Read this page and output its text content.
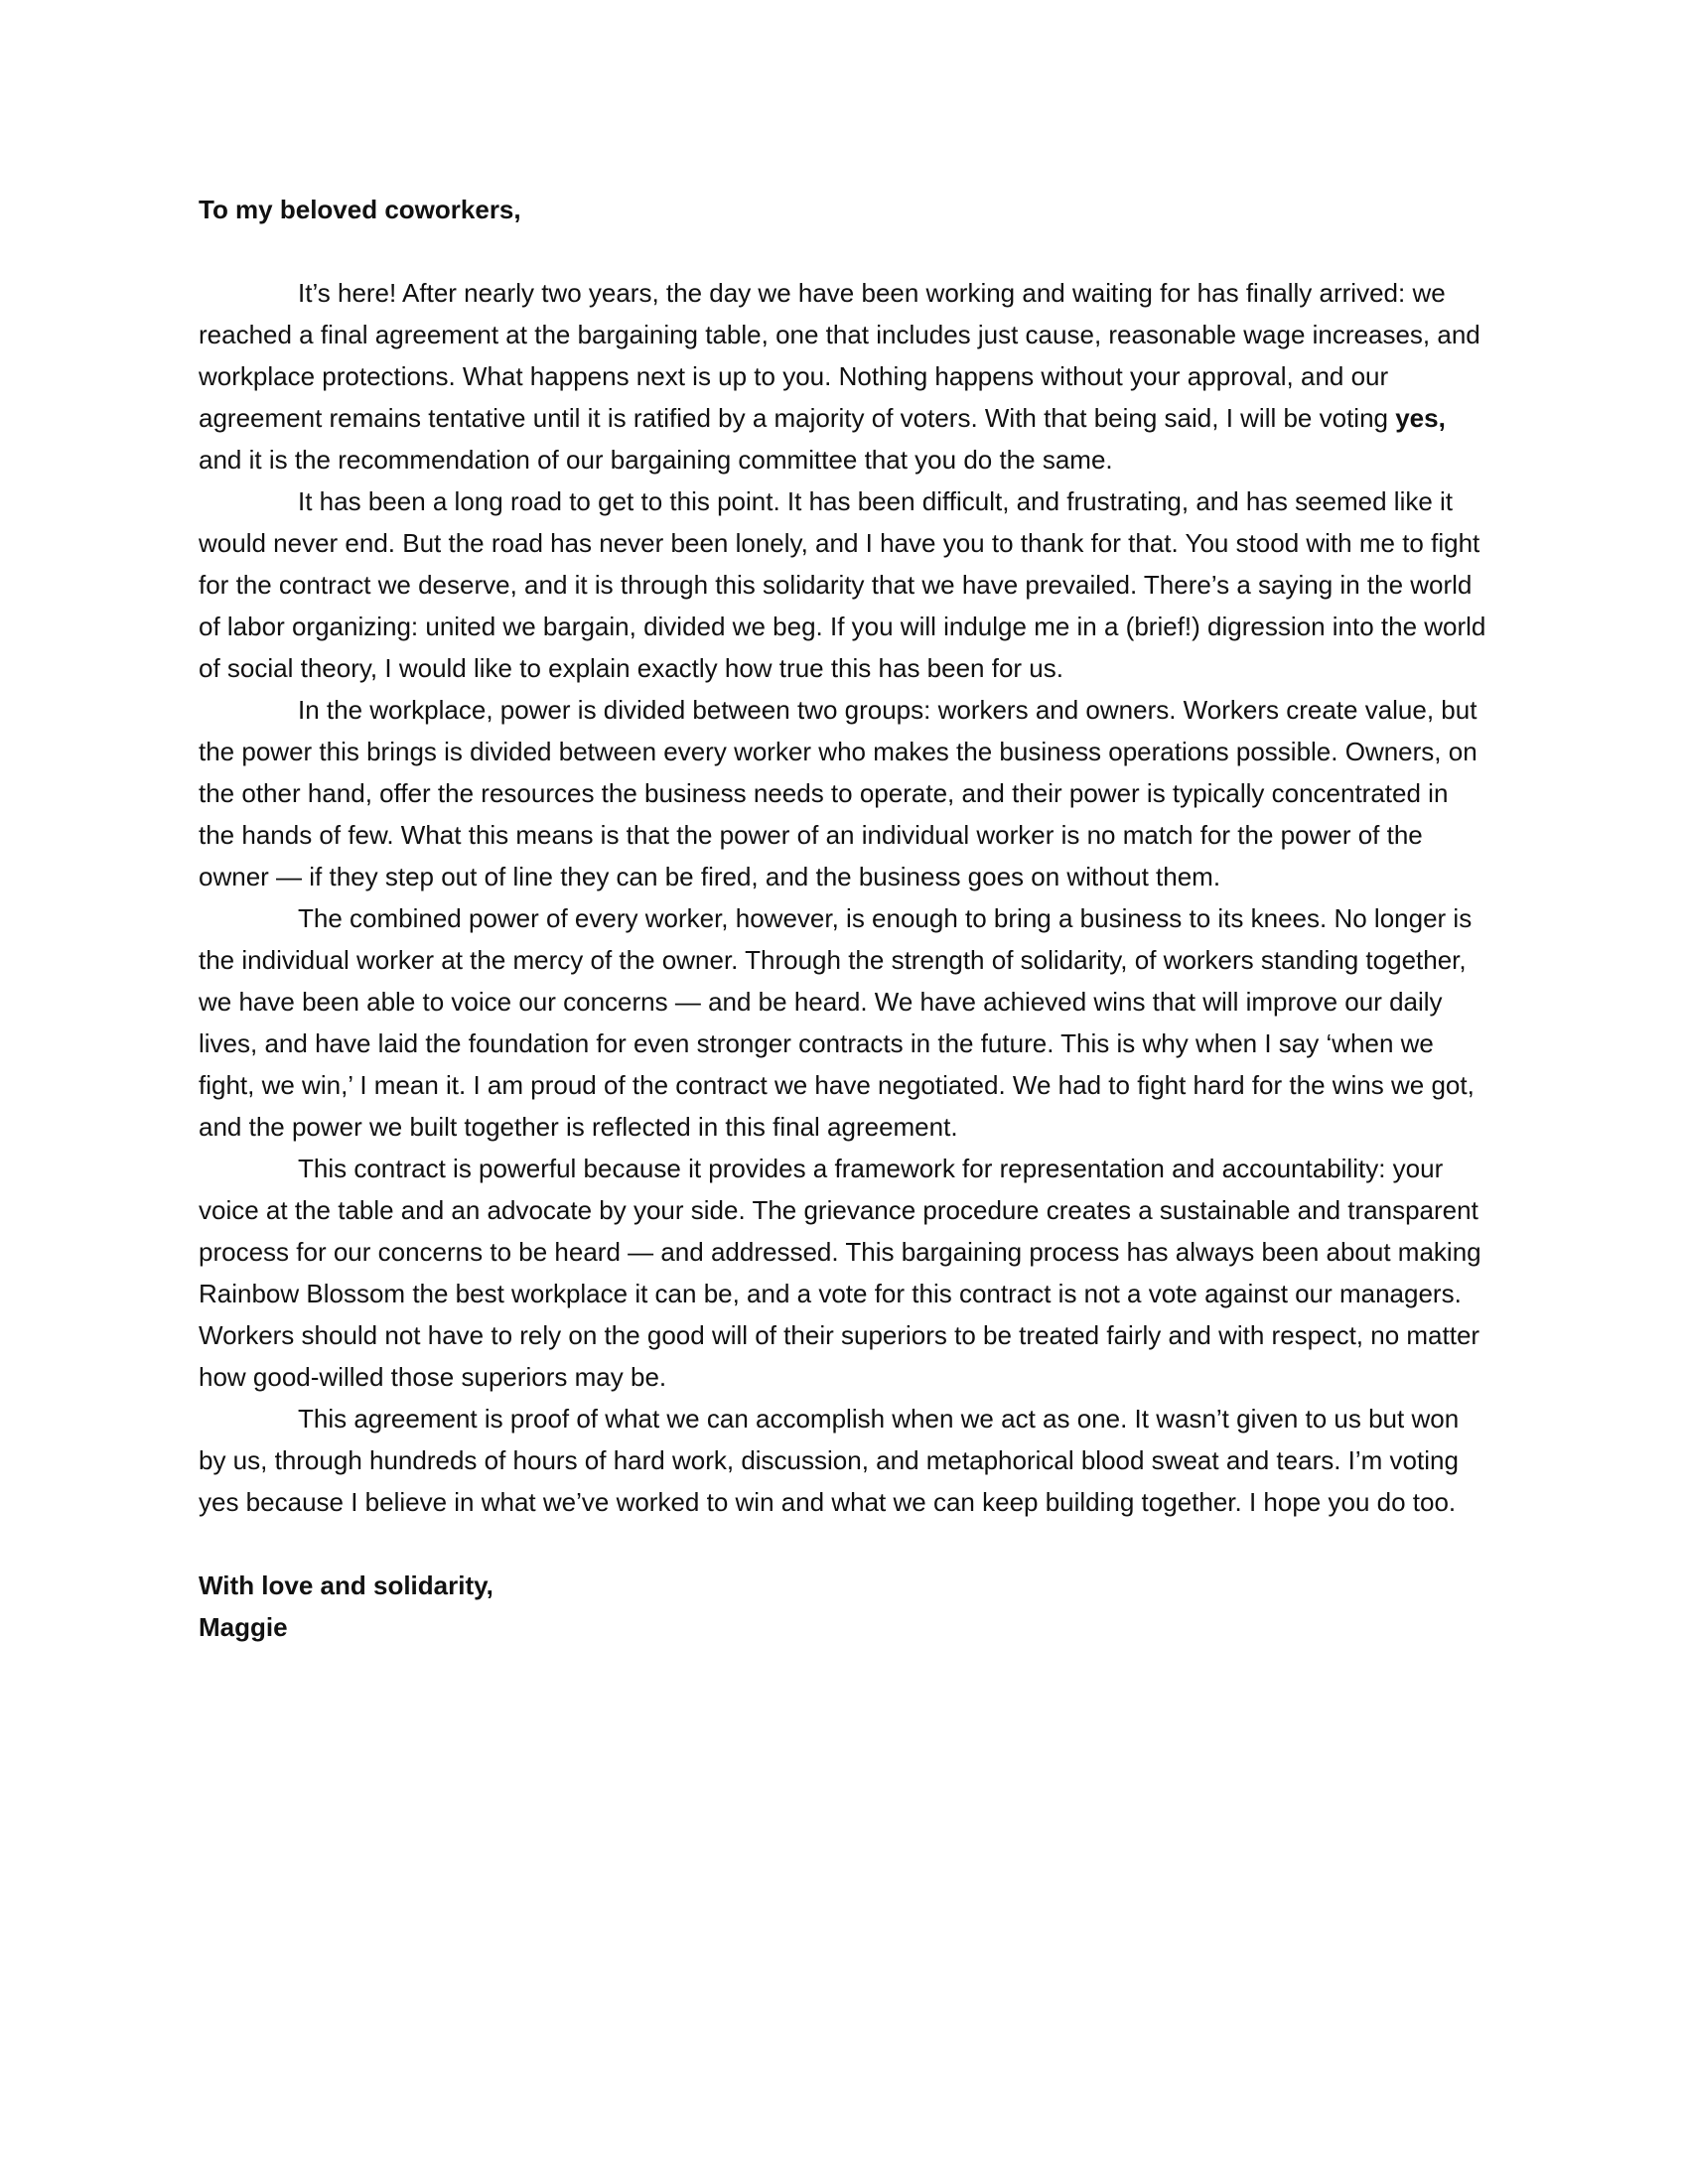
To my beloved coworkers,

It’s here! After nearly two years, the day we have been working and waiting for has finally arrived: we reached a final agreement at the bargaining table, one that includes just cause, reasonable wage increases, and workplace protections. What happens next is up to you. Nothing happens without your approval, and our agreement remains tentative until it is ratified by a majority of voters. With that being said, I will be voting yes, and it is the recommendation of our bargaining committee that you do the same.

It has been a long road to get to this point. It has been difficult, and frustrating, and has seemed like it would never end. But the road has never been lonely, and I have you to thank for that. You stood with me to fight for the contract we deserve, and it is through this solidarity that we have prevailed. There’s a saying in the world of labor organizing: united we bargain, divided we beg. If you will indulge me in a (brief!) digression into the world of social theory, I would like to explain exactly how true this has been for us.

In the workplace, power is divided between two groups: workers and owners. Workers create value, but the power this brings is divided between every worker who makes the business operations possible. Owners, on the other hand, offer the resources the business needs to operate, and their power is typically concentrated in the hands of few. What this means is that the power of an individual worker is no match for the power of the owner — if they step out of line they can be fired, and the business goes on without them.

The combined power of every worker, however, is enough to bring a business to its knees. No longer is the individual worker at the mercy of the owner. Through the strength of solidarity, of workers standing together, we have been able to voice our concerns — and be heard. We have achieved wins that will improve our daily lives, and have laid the foundation for even stronger contracts in the future. This is why when I say ‘when we fight, we win,’ I mean it. I am proud of the contract we have negotiated. We had to fight hard for the wins we got, and the power we built together is reflected in this final agreement.

This contract is powerful because it provides a framework for representation and accountability: your voice at the table and an advocate by your side. The grievance procedure creates a sustainable and transparent process for our concerns to be heard — and addressed. This bargaining process has always been about making Rainbow Blossom the best workplace it can be, and a vote for this contract is not a vote against our managers. Workers should not have to rely on the good will of their superiors to be treated fairly and with respect, no matter how good-willed those superiors may be.

This agreement is proof of what we can accomplish when we act as one. It wasn’t given to us but won by us, through hundreds of hours of hard work, discussion, and metaphorical blood sweat and tears. I’m voting yes because I believe in what we’ve worked to win and what we can keep building together. I hope you do too.

With love and solidarity,

Maggie
